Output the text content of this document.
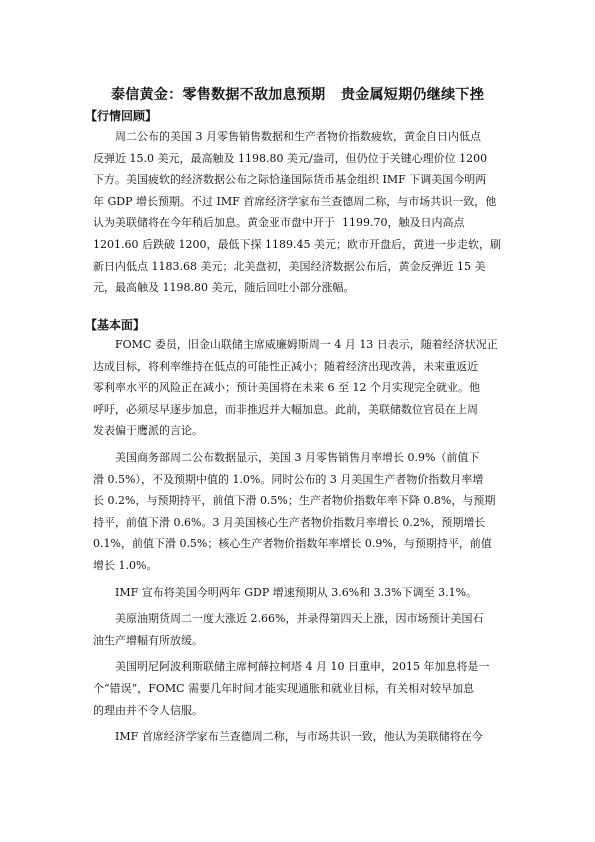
泰信黄金：零售数据不敌加息预期   贵金属短期仍继续下挫
【行情回顾】
周二公布的美国 3 月零售销售数据和生产者物价指数疲软，黄金自日内低点
反弹近 15.0 美元，最高触及 1198.80 美元/盎司，但仍位于关键心理价位 1200
下方。美国疲软的经济数据公布之际恰逢国际货币基金组织 IMF 下调美国今明两
年 GDP 增长预期。不过 IMF 首席经济学家布兰查德周二称，与市场共识一致，他
认为美联储将在今年稍后加息。黄金亚市盘中开于  1199.70，触及日内高点
1201.60 后跌破 1200，最低下探 1189.45 美元；欧市开盘后，黄进一步走软，刷
新日内低点 1183.68 美元；北美盘初，美国经济数据公布后，黄金反弹近 15 美
元，最高触及 1198.80 美元，随后回吐小部分涨幅。
【基本面】
FOMC 委员，旧金山联储主席威廉姆斯周一 4 月 13 日表示，随着经济状况正
达成目标，将利率维持在低点的可能性正减小；随着经济出现改善，未来重返近
零利率水平的风险正在减小；预计美国将在未来 6 至 12 个月实现完全就业。他
呼吁，必须尽早逐步加息，而非推迟并大幅加息。此前，美联储数位官员在上周
发表偏于鹰派的言论。
美国商务部周二公布数据显示，美国 3 月零售销售月率增长 0.9%（前值下
滑 0.5%），不及预期中值的 1.0%。同时公布的 3 月美国生产者物价指数月率增
长 0.2%，与预期持平，前值下滑 0.5%；生产者物价指数年率下降 0.8%，与预期
持平，前值下滑 0.6%。3 月美国核心生产者物价指数月率增长 0.2%，预期增长
0.1%，前值下滑 0.5%；核心生产者物价指数年率增长 0.9%，与预期持平，前值
增长 1.0%。
IMF 宣布将美国今明两年 GDP 增速预期从 3.6%和 3.3%下调至 3.1%。
美原油期货周二一度大涨近 2.66%，并录得第四天上涨，因市场预计美国石
油生产增幅有所放缓。
美国明尼阿波利斯联储主席柯薛拉柯塔 4 月 10 日重申，2015 年加息将是一
个“错误”，FOMC 需要几年时间才能实现通胀和就业目标，有关相对较早加息
的理由并不令人信服。
IMF 首席经济学家布兰查德周二称，与市场共识一致，他认为美联储将在今
